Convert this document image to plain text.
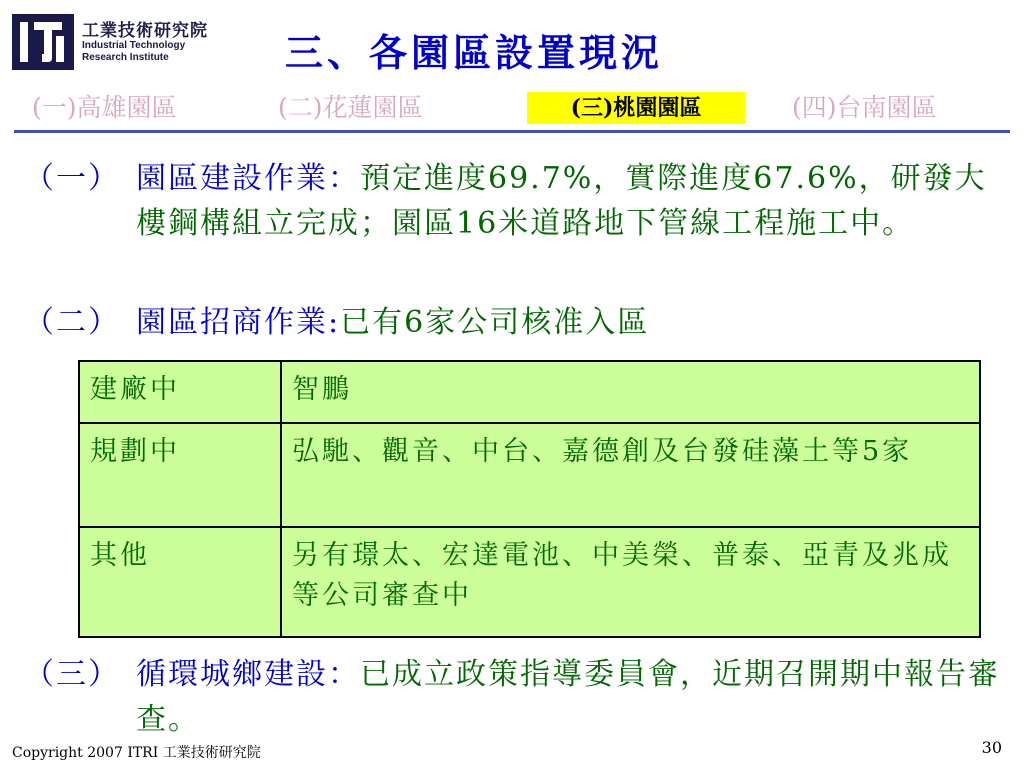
工業技術研究院
Industrial Technology
Research Institute	三、各園區設置現況
(一)高雄園區	(二)花蓮園區	(三)桃園園區	(四)台南園區
（一） 園區建設作業：預定進度69.7%，實際進度67.6%，研發大樓鋼構組立完成；園區16米道路地下管線工程施工中。
（二） 園區招商作業:已有6家公司核准入區
建廠中	智鵬
規劃中	弘馳、觀音、中台、嘉德創及台發硅藻土等5家
其他	另有璟太、宏達電池、中美榮、普泰、亞青及兆成等公司審查中
（三） 循環城鄉建設：已成立政策指導委員會，近期召開期中報告審查。
Copyright 2007 ITRI 工業技術研究院	30
